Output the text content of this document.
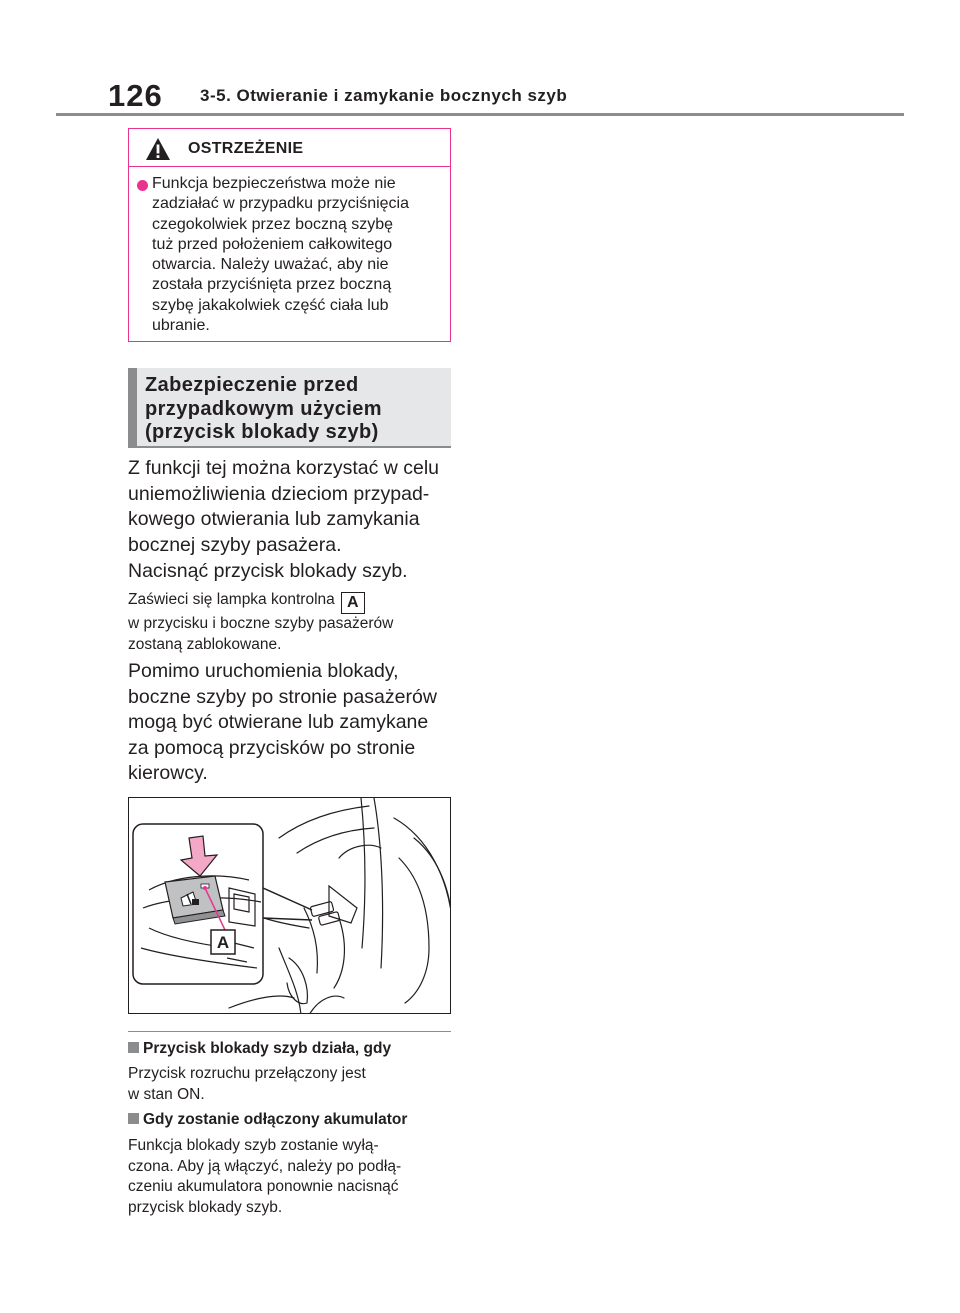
126 3-5. Otwieranie i zamykanie bocznych szyb
OSTRZEŻENIE
Funkcja bezpieczeństwa może nie
zadziałać w przypadku przyciśnięcia
czegokolwiek przez boczną szybę
tuż przed położeniem całkowitego
otwarcia. Należy uważać, aby nie
została przyciśnięta przez boczną
szybę jakakolwiek część ciała lub
ubranie.
Zabezpieczenie przed
przypadkowym użyciem
(przycisk blokady szyb)
Z funkcji tej można korzystać w celu
uniemożliwienia dzieciom przypad-
kowego otwierania lub zamykania
bocznej szyby pasażera.
Nacisnąć przycisk blokady szyb.
Zaświeci się lampka kontrolna A
w przycisku i boczne szyby pasażerów
zostaną zablokowane.
Pomimo uruchomienia blokady,
boczne szyby po stronie pasażerów
mogą być otwierane lub zamykane
za pomocą przycisków po stronie
kierowcy.
A
Przycisk blokady szyb działa, gdy
Przycisk rozruchu przełączony jest
w stan ON.
Gdy zostanie odłączony akumulator
Funkcja blokady szyb zostanie wyłą-
czona. Aby ją włączyć, należy po podłą-
czeniu akumulatora ponownie nacisnąć
przycisk blokady szyb.
